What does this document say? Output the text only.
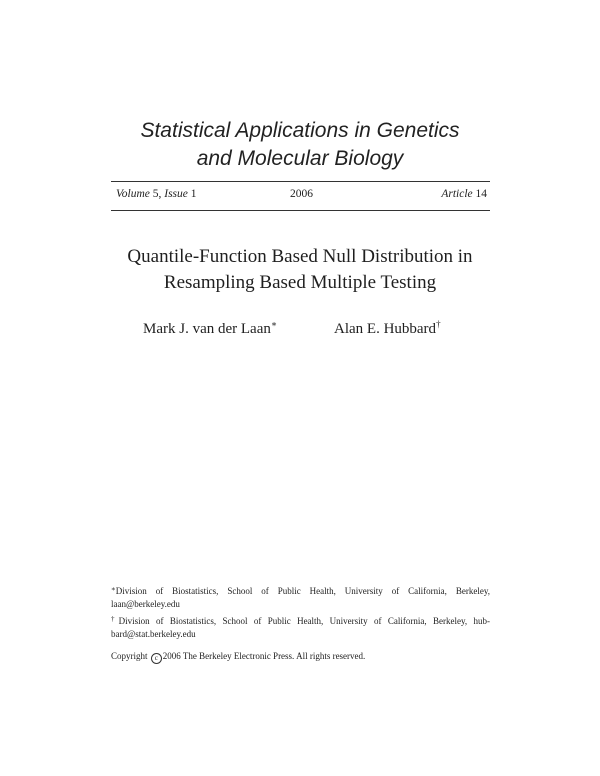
Statistical Applications in Genetics
and Molecular Biology
Volume 5, Issue 1	2006	Article 14
Quantile-Function Based Null Distribution in
Resampling Based Multiple Testing
Mark J. van der Laan∗	Alan E. Hubbard†
∗Division of Biostatistics, School of Public Health, University of California, Berkeley,
laan@berkeley.edu
†Division of Biostatistics, School of Public Health, University of California, Berkeley, hub-
bard@stat.berkeley.edu
Copyright c 2006 The Berkeley Electronic Press. All rights reserved.
